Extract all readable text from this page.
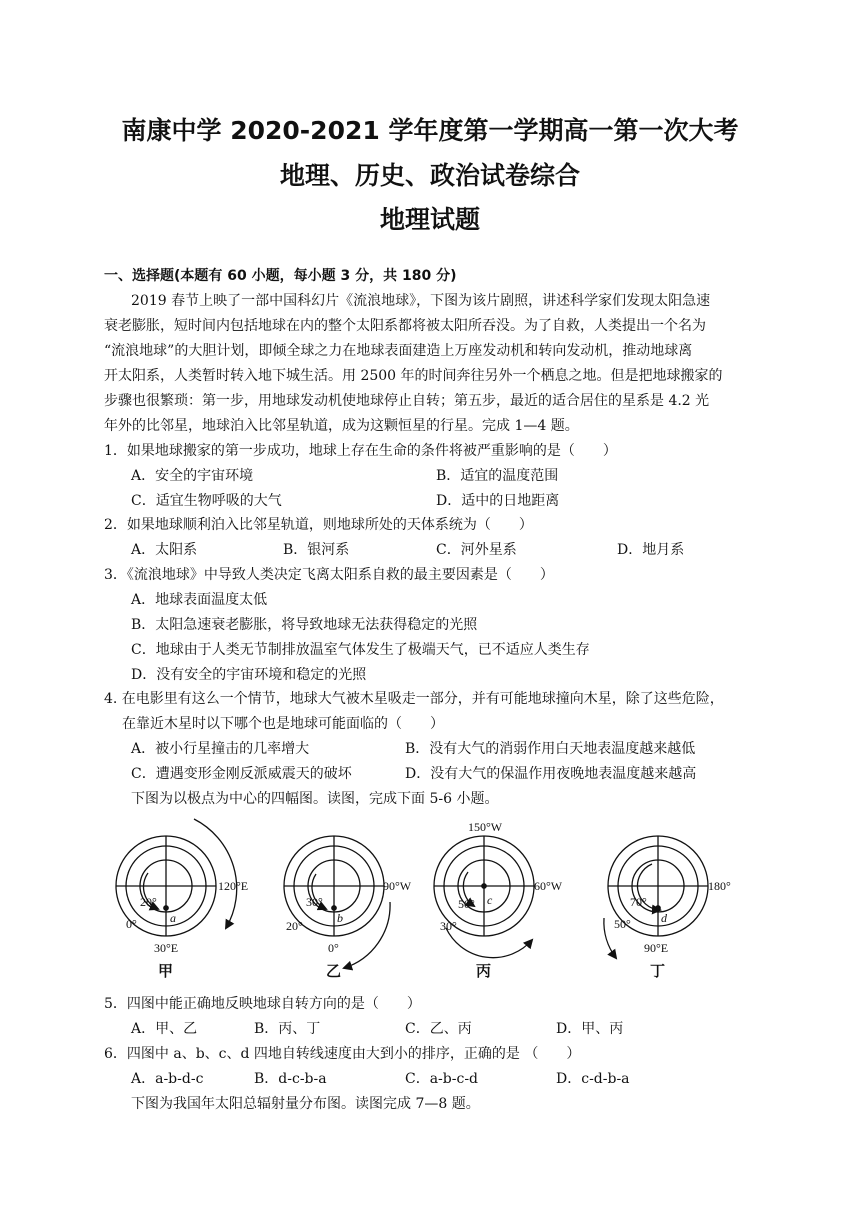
南康中学 2020-2021 学年度第一学期高一第一次大考
地理、历史、政治试卷综合
地理试题
一、选择题(本题有 60 小题，每小题 3 分，共 180 分)
2019 春节上映了一部中国科幻片《流浪地球》，下图为该片剧照，讲述科学家们发现太阳急速
衰老膨胀，短时间内包括地球在内的整个太阳系都将被太阳所吞没。为了自救，人类提出一个名为
“流浪地球”的大胆计划，即倾全球之力在地球表面建造上万座发动机和转向发动机，推动地球离
开太阳系，人类暂时转入地下城生活。用 2500 年的时间奔往另外一个栖息之地。但是把地球搬家的
步骤也很繁琐：第一步，用地球发动机使地球停止自转；第五步，最近的适合居住的星系是 4.2 光
年外的比邻星，地球泊入比邻星轨道，成为这颗恒星的行星。完成 1—4 题。
1．如果地球搬家的第一步成功，地球上存在生命的条件将被严重影响的是（　　）
A．安全的宇宙环境	B．适宜的温度范围
C．适宜生物呼吸的大气	D．适中的日地距离
2．如果地球顺利泊入比邻星轨道，则地球所处的天体系统为（　　）
A．太阳系	B．银河系	C．河外星系	D．地月系
3．《流浪地球》中导致人类决定飞离太阳系自救的最主要因素是（　　）
A．地球表面温度太低
B．太阳急速衰老膨胀，将导致地球无法获得稳定的光照
C．地球由于人类无节制排放温室气体发生了极端天气，已不适应人类生存
D．没有安全的宇宙环境和稳定的光照
4. 在电影里有这么一个情节，地球大气被木星吸走一部分，并有可能地球撞向木星，除了这些危险，
在靠近木星时以下哪个也是地球可能面临的（　　）
A．被小行星撞击的几率增大	B．没有大气的消弱作用白天地表温度越来越低
C．遭遇变形金刚反派威震天的破坏	D．没有大气的保温作用夜晚地表温度越来越高
下图为以极点为中心的四幅图。读图，完成下面 5-6 小题。
120°E
30°E
20°
0°	a
甲
90°W
0°
30°
20°
b
乙
150°W
60°W
50°
30°
c
丙
180°
90°E
70°
50°	d
丁
5．四图中能正确地反映地球自转方向的是（　　）
A．甲、乙	B．丙、丁	C．乙、丙	D．甲、丙
6．四图中 a、b、c、d 四地自转线速度由大到小的排序，正确的是 （　　）
A．a-b-d-c	B．d-c-b-a	C．a-b-c-d	D．c-d-b-a
下图为我国年太阳总辐射量分布图。读图完成 7—8 题。
